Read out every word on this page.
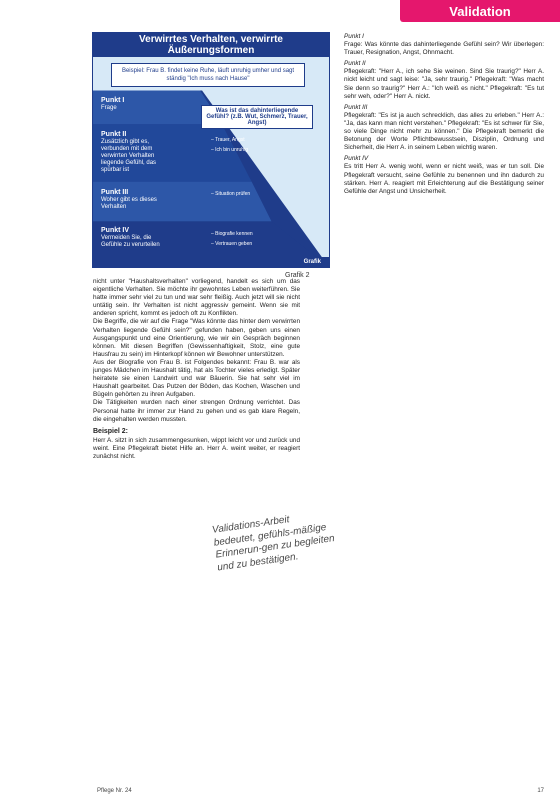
Validation
Verwirrtes Verhalten, verwirrte Äußerungsformen
Beispiel: Frau B. findet keine Ruhe, läuft unruhig umher und sagt ständig "Ich muss nach Hause"
Punkt I
Frage
Punkt II
Zusätzlich gibt es, verbunden mit dem verwirrten Verhalten liegende Gefühl, das spürbar ist
Punkt III
Woher gibt es dieses Verhalten
Punkt IV
Vermeiden Sie, die Gefühle zu verurteilen
Was ist das dahinterliegende Gefühl? (z.B. Wut, Schmerz, Trauer, Angst)
– Trauer, Angst
– Ich bin unruhig
– Situation prüfen
– Biografie kennen
– Vertrauen geben
Grafik
Grafik 2

nicht unter "Haushaltsverhalten" vorliegend, handelt es sich um das eigentliche Verhalten. Sie möchte ihr gewohntes Leben weiterführen. Sie hatte immer sehr viel zu tun und war sehr fleißig. Auch jetzt will sie nicht untätig sein. Ihr Verhalten ist nicht aggressiv gemeint. Wenn sie mit anderen spricht, kommt es jedoch oft zu Konflikten.

Die Begriffe, die wir auf die Frage "Was könnte das hinter dem verwirrten Verhalten liegende Gefühl sein?" gefunden haben, geben uns einen Ausgangspunkt und eine Orientierung, wie wir ein Gespräch beginnen können. Mit diesen Begriffen (Gewissenhaftigkeit, Stolz, eine gute Hausfrau zu sein) im Hinterkopf können wir Bewohner unterstützen.

Aus der Biografie von Frau B. ist Folgendes bekannt: Frau B. war als junges Mädchen im Haushalt tätig, hat als Tochter vieles erledigt. Später heiratete sie einen Landwirt und war Bäuerin. Sie hat sehr viel im Haushalt gearbeitet. Das Putzen der Böden, das Kochen, Waschen und Bügeln gehörten zu ihren Aufgaben.

Die Tätigkeiten wurden nach einer strengen Ordnung verrichtet. Das Personal hatte ihr immer zur Hand zu gehen und es gab klare Regeln, die eingehalten werden mussten.

Beispiel 2:

Herr A. sitzt in sich zusammengesunken, wippt leicht vor und zurück und weint. Eine Pflegekraft bietet Hilfe an. Herr A. weint weiter, er reagiert zunächst nicht.

Validations-Arbeit bedeutet, gefühls-mäßige Erinnerun-gen zu begleiten und zu bestätigen.
Punkt I

Frage: Was könnte das dahinterliegende Gefühl sein? Wir überlegen: Trauer, Resignation, Angst, Ohnmacht.

Punkt II

Pflegekraft: "Herr A., ich sehe Sie weinen. Sind Sie traurig?" Herr A. nickt leicht und sagt leise: "Ja, sehr traurig." Pflegekraft: "Was macht Sie denn so traurig?" Herr A.: "Ich weiß es nicht." Pflegekraft: "Es tut sehr weh, oder?" Herr A. nickt.

Punkt III

Pflegekraft: "Es ist ja auch schrecklich, das alles zu erleben." Herr A.: "Ja, das kann man nicht verstehen." Pflegekraft: "Es ist schwer für Sie, so viele Dinge nicht mehr zu können." Die Pflegekraft bemerkt die Betonung der Worte Pflichtbewusstsein, Disziplin, Ordnung und Sicherheit, die Herr A. in seinem Leben wichtig waren.

Punkt IV

Es tritt Herr A. wenig wohl, wenn er nicht weiß, was er tun soll. Die Pflegekraft versucht, seine Gefühle zu benennen und ihn dadurch zu stärken. Herr A. reagiert mit Erleichterung auf die Bestätigung seiner Gefühle der Angst und Unsicherheit.

Pflege Nr. 24	17
